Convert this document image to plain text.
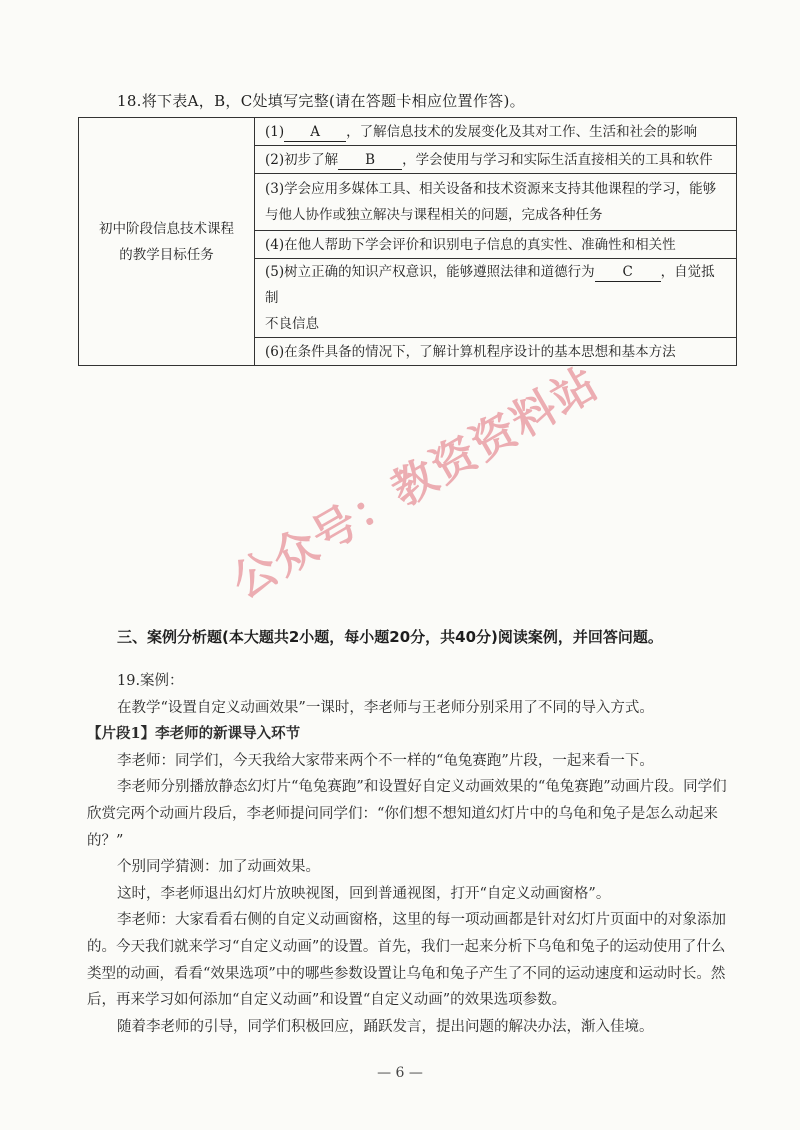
18.将下表A，B，C处填写完整(请在答题卡相应位置作答)。
初中阶段信息技术课程
的教学目标任务
	(1) A ，了解信息技术的发展变化及其对工作、生活和社会的影响
(2)初步了解 B ，学会使用与学习和实际生活直接相关的工具和软件

(3)学会应用多媒体工具、相关设备和技术资源来支持其他课程的学习，能够
与他人协作或独立解决与课程相关的问题，完成各种任务

(4)在他人帮助下学会评价和识别电子信息的真实性、准确性和相关性

(5)树立正确的知识产权意识，能够遵照法律和道德行为 C ，自觉抵制
不良信息

(6)在条件具备的情况下，了解计算机程序设计的基本思想和基本方法
公众号：教资资料站
三、案例分析题(本大题共2小题，每小题20分，共40分)阅读案例，并回答问题。

19.案例：

在教学“设置自定义动画效果”一课时，李老师与王老师分别采用了不同的导入方式。

【片段1】李老师的新课导入环节

李老师：同学们，今天我给大家带来两个不一样的“龟兔赛跑”片段，一起来看一下。

李老师分别播放静态幻灯片“龟兔赛跑”和设置好自定义动画效果的“龟兔赛跑”动画片段。同学们欣赏完两个动画片段后，李老师提问同学们：“你们想不想知道幻灯片中的乌龟和兔子是怎么动起来的？”

个别同学猜测：加了动画效果。

这时，李老师退出幻灯片放映视图，回到普通视图，打开“自定义动画窗格”。

李老师：大家看看右侧的自定义动画窗格，这里的每一项动画都是针对幻灯片页面中的对象添加的。今天我们就来学习“自定义动画”的设置。首先，我们一起来分析下乌龟和兔子的运动使用了什么类型的动画，看看“效果选项”中的哪些参数设置让乌龟和兔子产生了不同的运动速度和运动时长。然后，再来学习如何添加“自定义动画”和设置“自定义动画”的效果选项参数。

随着李老师的引导，同学们积极回应，踊跃发言，提出问题的解决办法，渐入佳境。

— 6 —
